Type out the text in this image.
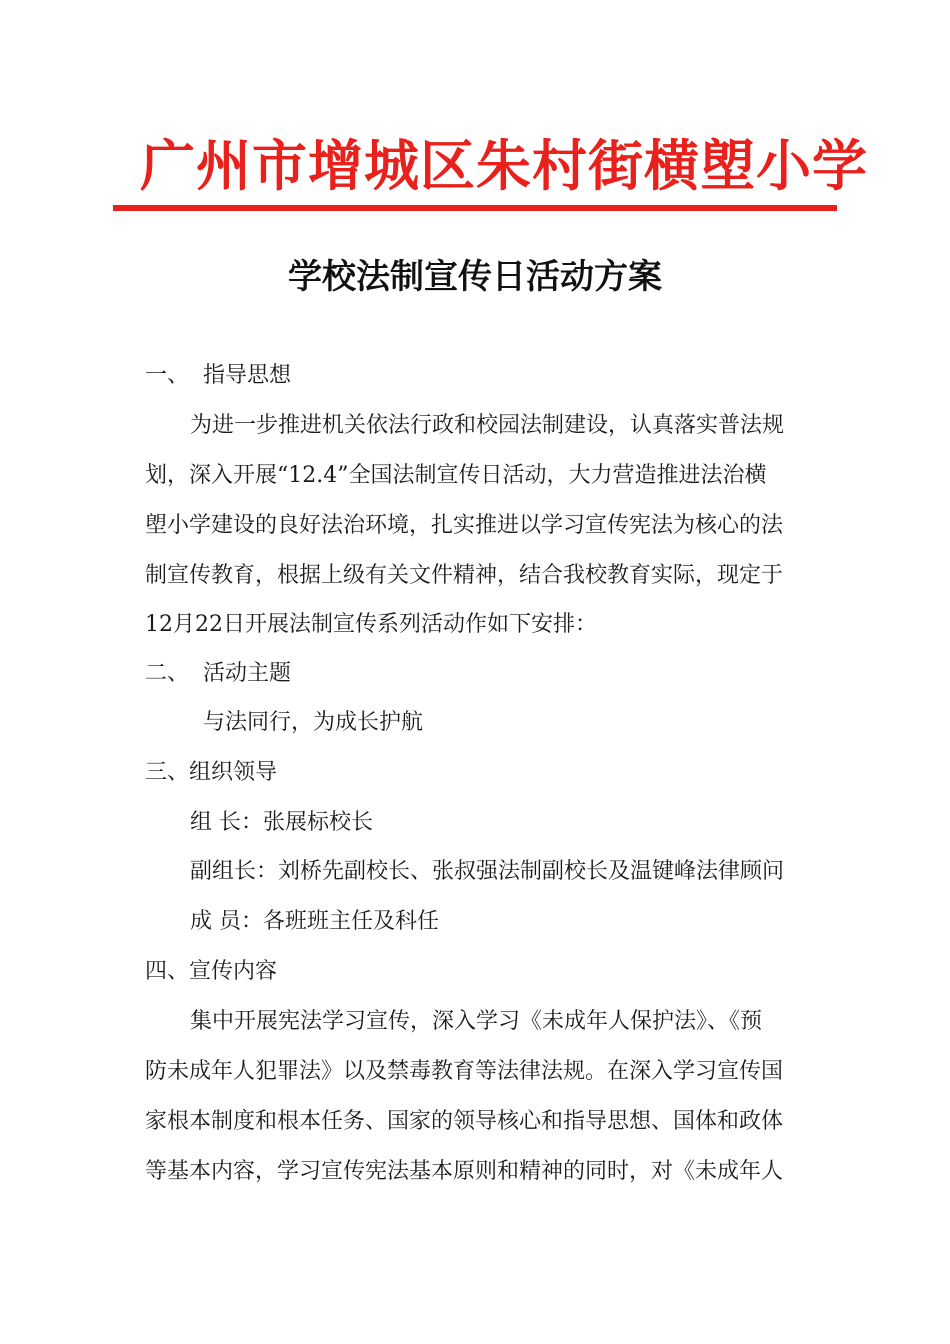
广州市增城区朱村街横塱小学
学校法制宣传日活动方案
一、 指导思想
为进一步推进机关依法行政和校园法制建设，认真落实普法规
划，深入开展“12.4”全国法制宣传日活动，大力营造推进法治横
塱小学建设的良好法治环境，扎实推进以学习宣传宪法为核心的法
制宣传教育，根据上级有关文件精神，结合我校教育实际，现定于
12月22日开展法制宣传系列活动作如下安排：
二、 活动主题
与法同行，为成长护航
三、组织领导
组 长：张展标校长
副组长：刘桥先副校长、张叔强法制副校长及温键峰法律顾问
成 员：各班班主任及科任
四、宣传内容
集中开展宪法学习宣传，深入学习《未成年人保护法》、《预
防未成年人犯罪法》以及禁毒教育等法律法规。在深入学习宣传国
家根本制度和根本任务、国家的领导核心和指导思想、国体和政体
等基本内容，学习宣传宪法基本原则和精神的同时，对《未成年人
